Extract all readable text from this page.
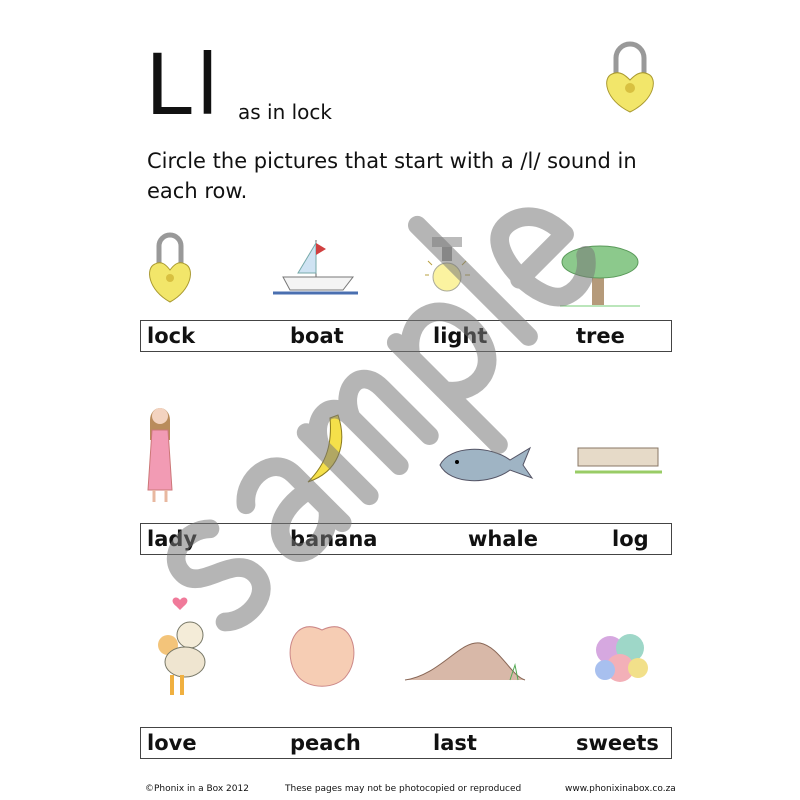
Ll as in lock
Circle the pictures that start with a /l/ sound in each row.
lock	boat	light	tree
lady	banana	whale	log
love	peach	last	sweets
©Phonix in a Box 2012	These pages may not be photocopied or reproduced	www.phonixinabox.co.za
